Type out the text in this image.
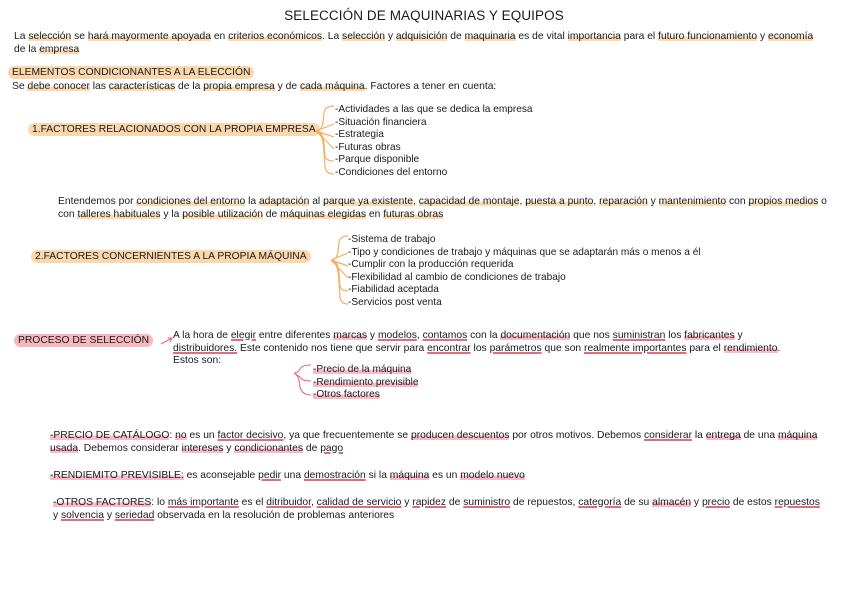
SELECCIÓN DE MAQUINARIAS Y EQUIPOS
La selección se hará mayormente apoyada en criterios económicos. La selección y adquisición de maquinaria es de vital importancia para el futuro funcionamiento y economía de la empresa
ELEMENTOS CONDICIONANTES A LA ELECCIÓN
Se debe conocer las características de la propia empresa y de cada máquina. Factores a tener en cuenta:
1.FACTORES RELACIONADOS CON LA PROPIA EMPRESA
-Actividades a las que se dedica la empresa
-Situación financiera
-Estrategia
-Futuras obras
-Parque disponible
-Condiciones del entorno
Entendemos por condiciones del entorno la adaptación al parque ya existente, capacidad de montaje, puesta a punto, reparación y mantenimiento con propios medios o con talleres habituales y la posible utilización de máquinas elegidas en futuras obras
2.FACTORES CONCERNIENTES A LA PROPIA MÁQUINA
-Sistema de trabajo
-Tipo y condiciones de trabajo y máquinas que se adaptarán más o menos a él
-Cumplir con la producción requerida
-Flexibilidad al cambio de condiciones de trabajo
-Fiabilidad aceptada
-Servicios post venta
PROCESO DE SELECCIÓN	A la hora de elegir entre diferentes marcas y modelos, contamos con la documentación que nos suministran los fabricantes y distribuidores. Este contenido nos tiene que servir para encontrar los parámetros que son realmente importantes para el rendimiento. Estos son:
-Precio de la máquina
-Rendimiento previsible
-Otros factores
-PRECIO DE CATÁLOGO: no es un factor decisivo, ya que frecuentemente se producen descuentos por otros motivos. Debemos considerar la entrega de una máquina usada. Debemos considerar intereses y condicionantes de pago
-RENDIEMITO PREVISIBLE: es aconsejable pedir una demostración si la máquina es un modelo nuevo
-OTROS FACTORES: lo más importante es el ditribuidor, calidad de servicio y rapidez de suministro de repuestos, categoría de su almacén y precio de estos repuestos y solvencia y seriedad observada en la resolución de problemas anteriores
